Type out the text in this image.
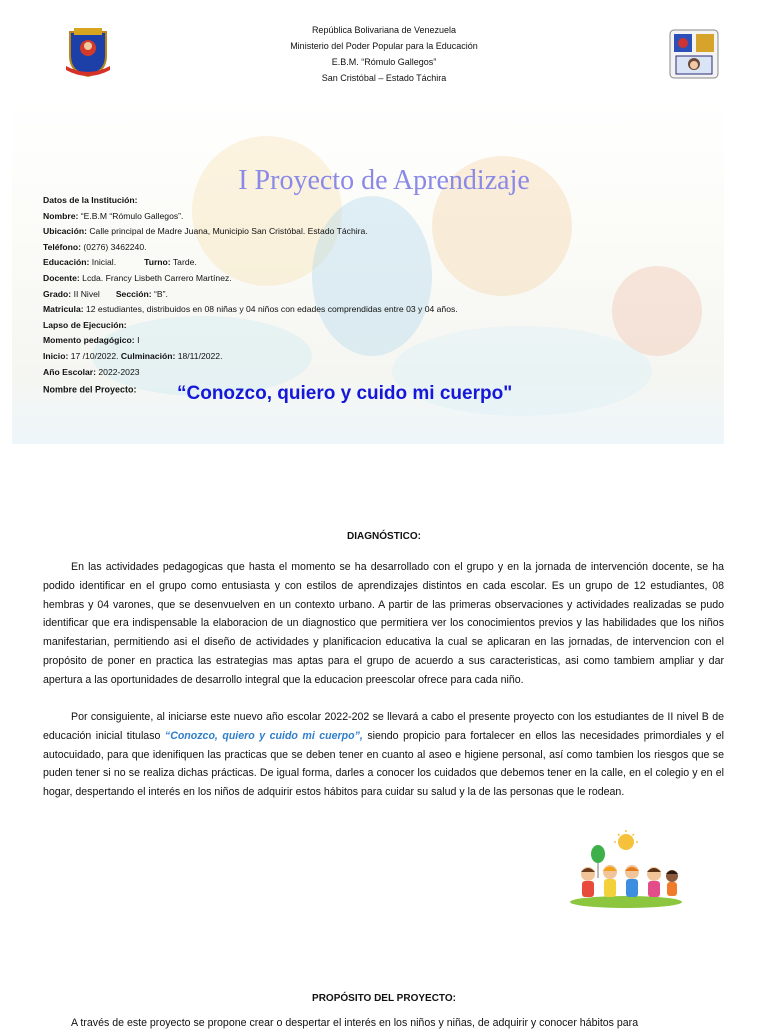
República Bolivariana de Venezuela
Ministerio del Poder Popular para la Educación
E.B.M. “Rómulo Gallegos”
San Cristóbal – Estado Táchira
I Proyecto de Aprendizaje
Datos de la Institución:
Nombre: “E.B.M “Rómulo Gallegos”.
Ubicación: Calle principal de Madre Juana, Municipio San Cristóbal. Estado Táchira.
Teléfono: (0276) 3462240.
Educación: Inicial.	Turno: Tarde.
Docente: Lcda. Francy Lisbeth Carrero Martínez.
Grado: II Nivel Sección: “B”.
Matricula: 12 estudiantes, distribuidos en 08 niñas y 04 niños con edades comprendidas entre 03 y 04 años.
Lapso de Ejecución:
Momento pedagógico: I
Inicio: 17 /10/2022. Culminación: 18/11/2022.
Año Escolar: 2022-2023
Nombre del Proyecto: “Conozco, quiero y cuido mi cuerpo"
DIAGNÓSTICO:

En las actividades pedagogicas que hasta el momento se ha desarrollado con el grupo y en la jornada de intervención docente, se ha podido identificar en el grupo como entusiasta y con estilos de aprendizajes distintos en cada escolar. Es un grupo de 12 estudiantes, 08 hembras y 04 varones, que se desenvuelven en un contexto urbano. A partir de las primeras observaciones y actividades realizadas se pudo identificar que era indispensable la elaboracion de un diagnostico que permitiera ver los conocimientos previos y las habilidades que los niños manifestarian, permitiendo asi el diseño de actividades y planificacion educativa la cual se aplicaran en las jornadas, de intervencion con el propósito de poner en practica las estrategias mas aptas para el grupo de acuerdo a sus caracteristicas, asi como tambiem ampliar y dar apertura a las oportunidades de desarrollo integral que la educacion preescolar ofrece para cada niño.

Por consiguiente, al iniciarse este nuevo año escolar 2022-202 se llevará a cabo el presente proyecto con los estudiantes de II nivel B de educación inicial titulaso “Conozco, quiero y cuido mi cuerpo”, siendo propicio para fortalecer en ellos las necesidades primordiales y el autocuidado, para que idenifiquen las practicas que se deben tener en cuanto al aseo e higiene personal, así como tambien los riesgos que se puden tener si no se realiza dichas prácticas. De igual forma, darles a conocer los cuidados que debemos tener en la calle, en el colegio y en el hogar, despertando el interés en los niños de adquirir estos hábitos para cuidar su salud y la de las personas que le rodean.

PROPÓSITO DEL PROYECTO:

A través de este proyecto se propone crear o despertar el interés en los niños y niñas, de adquirir y conocer hábitos para
